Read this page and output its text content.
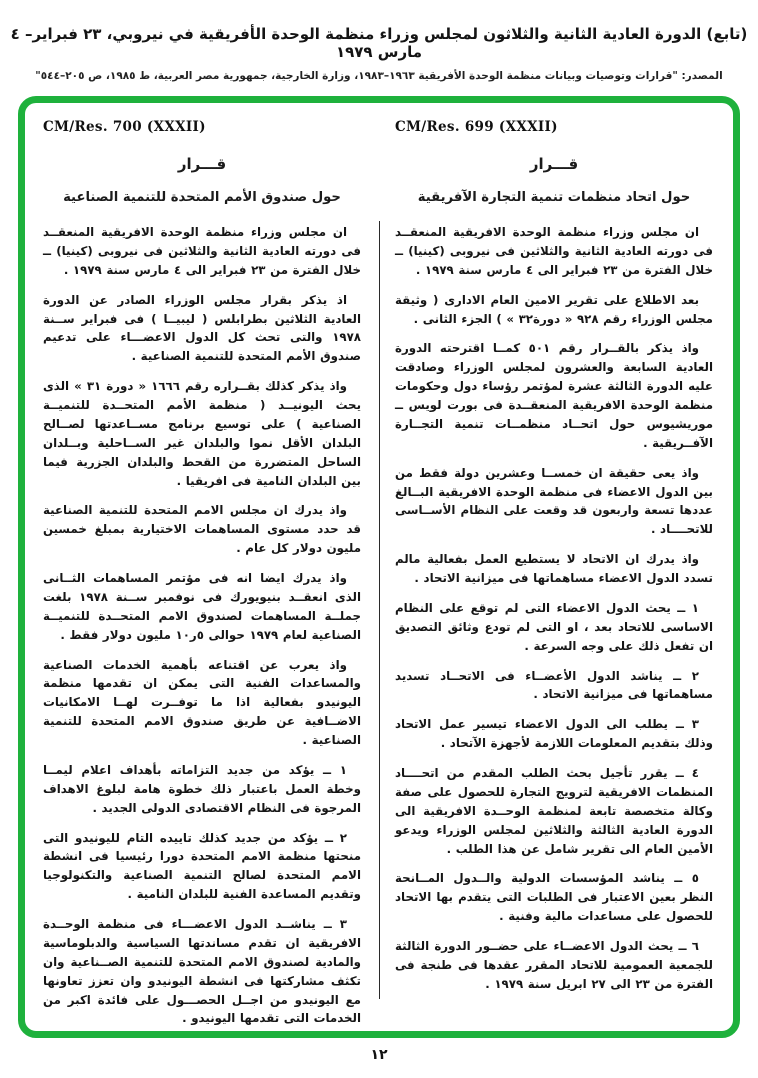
(تابع) الدورة العادية الثانية والثلاثون لمجلس وزراء منظمة الوحدة الأفريقية في نيروبي، ٢٣ فبراير– ٤ مارس ١٩٧٩
المصدر: "قرارات وتوصيات وبيانات منظمة الوحدة الأفريقية ١٩٦٣–١٩٨٣، وزارة الخارجية، جمهورية مصر العربية، ط ١٩٨٥، ص ٢٠٥–٥٤٤"
CM/Res. 699 (XXXII)
قـــرار
حول اتحاد منظمات تنمية التجارة الآفريقية

ان مجلس وزراء منظمة الوحدة الافريقية المنعقــد فى دورته العادية الثانية والثلاثين فى نيروبى (كينيا) ــ خلال الفترة من ٢٣ فبراير الى ٤ مارس سنة ١٩٧٩ .

بعد الاطلاع على تقرير الامين العام الادارى ( وثيقة مجلس الوزراء رقم ٩٢٨ « دورة٣٢ » ) الجزء الثانى .

واذ يذكر بالقــرار رقم ٥٠١ كمــا اقترحته الدورة العادية السابعة والعشرون لمجلس الوزراء وصادقت عليه الدورة الثالثة عشرة لمؤتمر رؤساء دول وحكومات منظمة الوحدة الافريقية المنعقــدة فى بورت لويس ــ موريشيوس حول اتحــاد منظمــات تنمية التجــارة الآفــريقية .

واذ يعى حقيقة ان خمســا وعشرين دولة فقط من بين الدول الاعضاء فى منظمة الوحدة الافريقية البــالغ عددها تسعة واربعون قد وقعت على النظام الأســاسى للاتحــــاد .

واذ يدرك ان الاتحاد لا يستطيع العمل بفعالية مالم تسدد الدول الاعضاء مساهماتها فى ميزانية الاتحاد .

١ ــ يحث الدول الاعضاء التى لم توقع على النظام الاساسى للاتحاد بعد ، او التى لم تودع وثائق التصديق ان تفعل ذلك على وجه السرعة .

٢ ــ يناشد الدول الأعضــاء فى الاتحــاد تسديد مساهماتها فى ميزانية الاتحاد .

٣ ــ يطلب الى الدول الاعضاء تيسير عمل الاتحاد وذلك بتقديم المعلومات اللازمة لأجهزة الآتحاد .

٤ ــ يقرر تأجيل بحث الطلب المقدم من اتحــــاد المنظمات الافريقية لترويج التجارة للحصول على صفة وكالة متخصصة تابعة لمنظمة الوحــدة الافريقية الى الدورة العادية الثالثة والثلاثين لمجلس الوزراء ويدعو الأمين العام الى تقرير شامل عن هذا الطلب .

٥ ــ يناشد المؤسسات الدولية والــدول المــانحة النظر بعين الاعتبار فى الطلبات التى يتقدم بها الاتحاد للحصول على مساعدات مالية وفنية .

٦ ــ يحث الدول الاعضــاء على حضــور الدورة الثالثة للجمعية العمومية للاتحاد المقرر عقدها فى طنجة فى الفترة من ٢٣ الى ٢٧ ابريل سنة ١٩٧٩ .

CM/Res. 700 (XXXII)
قـــرار
حول صندوق الأمم المتحدة للتنمية الصناعية

ان مجلس وزراء منظمة الوحدة الافريقية المنعقــد فى دورته العادية الثانية والثلاثين فى نيروبى (كينيا) ــ خلال الفترة من ٢٣ فبراير الى ٤ مارس سنة ١٩٧٩ .

اذ يذكر بقرار مجلس الوزراء الصادر عن الدورة العادية الثلاثين بطرابلس ( ليبيــا ) فى فبراير ســنة ١٩٧٨ والتى تحث كل الدول الاعضـــاء على تدعيم صندوق الأمم المتحدة للتنمية الصناعية .

واذ يذكر كذلك بقــراره رقم ١٦٦٦ « دورة ٣١ » الذى يحث اليونيــد ( منظمة الأمم المتحــدة للتنميــة الصناعية ) على توسيع برنامج مســاعدتها لصــالح البلدان الأقل نموا والبلدان غير الســاحلية وبــلدان الساحل المتضررة من القحط والبلدان الجزرية فيما بين البلدان النامية فى افريقيا .

واذ يدرك ان مجلس الامم المتحدة للتنمية الصناعية قد حدد مستوى المساهمات الاختيارية بمبلغ خمسين مليون دولار كل عام .

واذ يدرك ايضا انه فى مؤتمر المساهمات الثــانى الذى انعقــد بنيويورك فى نوفمبر ســنة ١٩٧٨ بلغت جملــة المساهمات لصندوق الامم المتحــدة للتنميــة الصناعية لعام ١٩٧٩ حوالى ٥ر١٠ مليون دولار فقط .

واذ يعرب عن اقتناعه بأهمية الخدمات الصناعية والمساعدات الفنية التى يمكن ان تقدمها منظمة اليونيدو بفعالية اذا ما توفــرت لهــا الامكانيات الاضــافية عن طريق صندوق الامم المتحدة للتنمية الصناعية .

١ ــ يؤكد من جديد التزاماته بأهداف اعلام ليمــا وخطة العمل باعتبار ذلك خطوة هامة لبلوغ الاهداف المرجوة فى النظام الاقتصادى الدولى الجديد .

٢ ــ يؤكد من جديد كذلك تاييده التام لليونيدو التى منحتها منظمة الامم المتحدة دورا رئيسيا فى انشطة الامم المتحدة لصالح التنمية الصناعية والتكنولوجيا وتقديم المساعدة الفنية للبلدان النامية .

٣ ــ يناشــد الدول الاعضـــاء فى منظمة الوحــدة الافريقية ان تقدم مساندتها السياسية والدبلوماسية والمادية لصندوق الامم المتحدة للتنمية الصــناعية وان تكثف مشاركتها فى انشطة اليونيدو وان تعزز تعاونها مع اليونيدو من اجــل الحصـــول على فائدة اكبر من الخدمات التى تقدمها اليونيدو .

١٢
